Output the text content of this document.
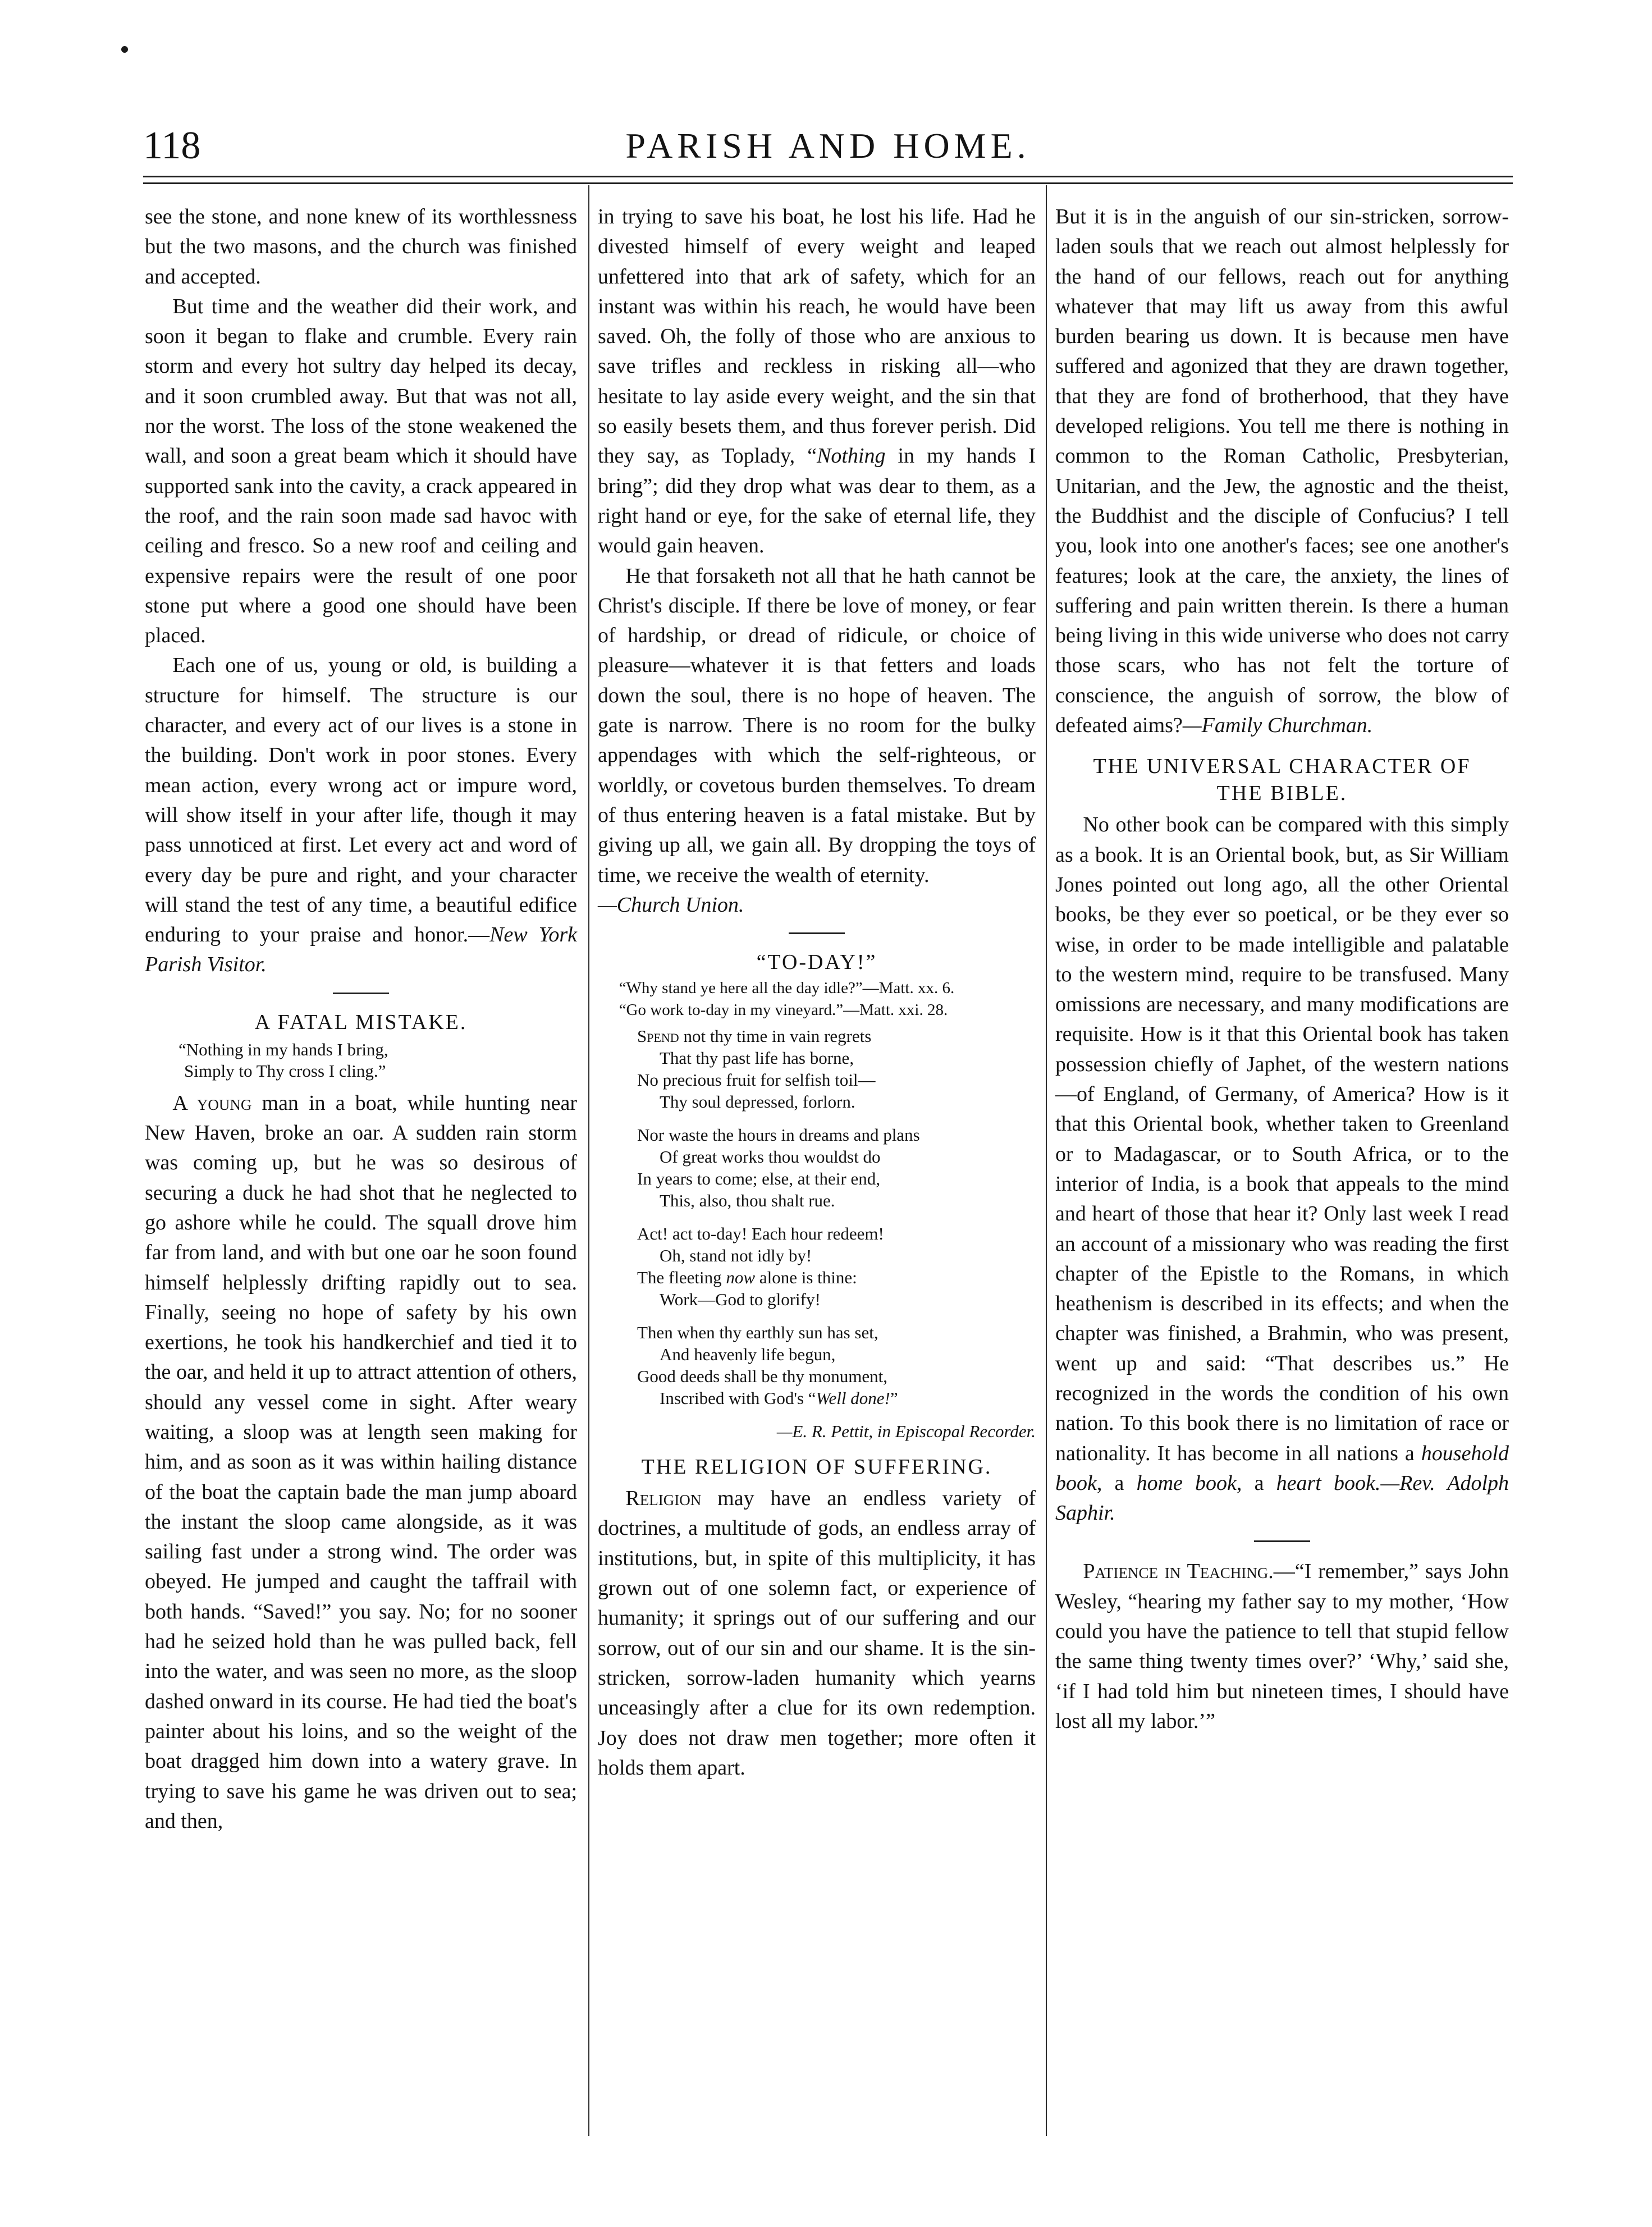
118	PARISH AND HOME.

see the stone, and none knew of its worthlessness but the two masons, and the church was finished and accepted.

But time and the weather did their work, and soon it began to flake and crumble. Every rain storm and every hot sultry day helped its decay, and it soon crumbled away. But that was not all, nor the worst. The loss of the stone weakened the wall, and soon a great beam which it should have supported sank into the cavity, a crack appeared in the roof, and the rain soon made sad havoc with ceiling and fresco. So a new roof and ceiling and expensive repairs were the result of one poor stone put where a good one should have been placed.

Each one of us, young or old, is building a structure for himself. The structure is our character, and every act of our lives is a stone in the building. Don't work in poor stones. Every mean action, every wrong act or impure word, will show itself in your after life, though it may pass unnoticed at first. Let every act and word of every day be pure and right, and your character will stand the test of any time, a beautiful edifice enduring to your praise and honor.—New York Parish Visitor.

A FATAL MISTAKE.
“Nothing in my hands I bring,
Simply to Thy cross I cling.”

A young man in a boat, while hunting near New Haven, broke an oar. A sudden rain storm was coming up, but he was so desirous of securing a duck he had shot that he neglected to go ashore while he could. The squall drove him far from land, and with but one oar he soon found himself helplessly drifting rapidly out to sea. Finally, seeing no hope of safety by his own exertions, he took his handkerchief and tied it to the oar, and held it up to attract attention of others, should any vessel come in sight. After weary waiting, a sloop was at length seen making for him, and as soon as it was within hailing distance of the boat the captain bade the man jump aboard the instant the sloop came alongside, as it was sailing fast under a strong wind. The order was obeyed. He jumped and caught the taffrail with both hands. “Saved!” you say. No; for no sooner had he seized hold than he was pulled back, fell into the water, and was seen no more, as the sloop dashed onward in its course. He had tied the boat's painter about his loins, and so the weight of the boat dragged him down into a watery grave. In trying to save his game he was driven out to sea; and then,

in trying to save his boat, he lost his life. Had he divested himself of every weight and leaped unfettered into that ark of safety, which for an instant was within his reach, he would have been saved. Oh, the folly of those who are anxious to save trifles and reckless in risking all—who hesitate to lay aside every weight, and the sin that so easily besets them, and thus forever perish. Did they say, as Toplady, “Nothing in my hands I bring”; did they drop what was dear to them, as a right hand or eye, for the sake of eternal life, they would gain heaven.

He that forsaketh not all that he hath cannot be Christ's disciple. If there be love of money, or fear of hardship, or dread of ridicule, or choice of pleasure—whatever it is that fetters and loads down the soul, there is no hope of heaven. The gate is narrow. There is no room for the bulky appendages with which the self-righteous, or worldly, or covetous burden themselves. To dream of thus entering heaven is a fatal mistake. But by giving up all, we gain all. By dropping the toys of time, we receive the wealth of eternity.
—Church Union.

“TO-DAY!”

“Why stand ye here all the day idle?”—Matt. xx. 6.

“Go work to-day in my vineyard.”—Matt. xxi. 28.

Spend not thy time in vain regrets
That thy past life has borne,
No precious fruit for selfish toil—
Thy soul depressed, forlorn.
Nor waste the hours in dreams and plans
Of great works thou wouldst do
In years to come; else, at their end,
This, also, thou shalt rue.
Act! act to-day! Each hour redeem!
Oh, stand not idly by!
The fleeting now alone is thine:
Work—God to glorify!
Then when thy earthly sun has set,
And heavenly life begun,
Good deeds shall be thy monument,
Inscribed with God's “Well done!”
—E. R. Pettit, in Episcopal Recorder.
THE RELIGION OF SUFFERING.

Religion may have an endless variety of doctrines, a multitude of gods, an endless array of institutions, but, in spite of this multiplicity, it has grown out of one solemn fact, or experience of humanity; it springs out of our suffering and our sorrow, out of our sin and our shame. It is the sin-stricken, sorrow-laden humanity which yearns unceasingly after a clue for its own redemption. Joy does not draw men together; more often it holds them apart.

But it is in the anguish of our sin-stricken, sorrow-laden souls that we reach out almost helplessly for the hand of our fellows, reach out for anything whatever that may lift us away from this awful burden bearing us down. It is because men have suffered and agonized that they are drawn together, that they are fond of brotherhood, that they have developed religions. You tell me there is nothing in common to the Roman Catholic, Presbyterian, Unitarian, and the Jew, the agnostic and the theist, the Buddhist and the disciple of Confucius? I tell you, look into one another's faces; see one another's features; look at the care, the anxiety, the lines of suffering and pain written therein. Is there a human being living in this wide universe who does not carry those scars, who has not felt the torture of conscience, the anguish of sorrow, the blow of defeated aims?—Family Churchman.

THE UNIVERSAL CHARACTER OF
THE BIBLE.

No other book can be compared with this simply as a book. It is an Oriental book, but, as Sir William Jones pointed out long ago, all the other Oriental books, be they ever so poetical, or be they ever so wise, in order to be made intelligible and palatable to the western mind, require to be transfused. Many omissions are necessary, and many modifications are requisite. How is it that this Oriental book has taken possession chiefly of Japhet, of the western nations—of England, of Germany, of America? How is it that this Oriental book, whether taken to Greenland or to Madagascar, or to South Africa, or to the interior of India, is a book that appeals to the mind and heart of those that hear it? Only last week I read an account of a missionary who was reading the first chapter of the Epistle to the Romans, in which heathenism is described in its effects; and when the chapter was finished, a Brahmin, who was present, went up and said: “That describes us.” He recognized in the words the condition of his own nation. To this book there is no limitation of race or nationality. It has become in all nations a household book, a home book, a heart book.—Rev. Adolph Saphir.

Patience in Teaching.—“I remember,” says John Wesley, “hearing my father say to my mother, ‘How could you have the patience to tell that stupid fellow the same thing twenty times over?’ ‘Why,’ said she, ‘if I had told him but nineteen times, I should have lost all my labor.’”
